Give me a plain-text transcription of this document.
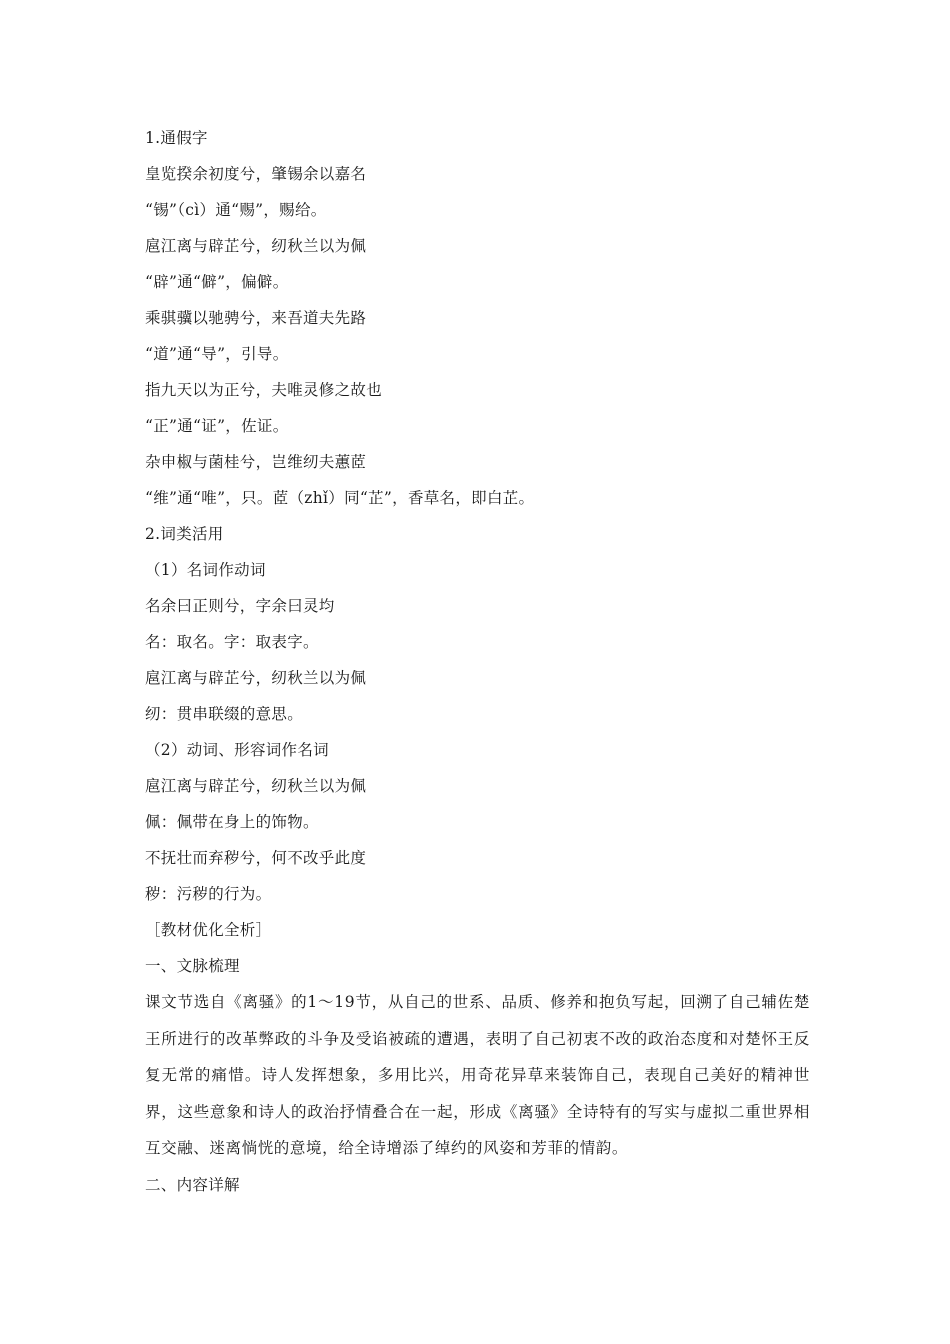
1.通假字
皇览揆余初度兮，肇锡余以嘉名
“锡”（cì）通“赐”，赐给。
扈江离与辟芷兮，纫秋兰以为佩
“辟”通“僻”，偏僻。
乘骐骥以驰骋兮，来吾道夫先路
“道”通“导”，引导。
指九天以为正兮，夫唯灵修之故也
“正”通“证”，佐证。
杂申椒与菌桂兮，岂维纫夫蕙茝
“维”通“唯”，只。茝（zhǐ）同“芷”，香草名，即白芷。
2.词类活用
（1）名词作动词
名余曰正则兮，字余曰灵均
名：取名。字：取表字。
扈江离与辟芷兮，纫秋兰以为佩
纫：贯串联缀的意思。
（2）动词、形容词作名词
扈江离与辟芷兮，纫秋兰以为佩
佩：佩带在身上的饰物。
不抚壮而弃秽兮，何不改乎此度
秽：污秽的行为。
［教材优化全析］
一、文脉梳理

课文节选自《离骚》的1～19节，从自己的世系、品质、修养和抱负写起，回溯了自己辅佐楚王所进行的改革弊政的斗争及受谄被疏的遭遇，表明了自己初衷不改的政治态度和对楚怀王反复无常的痛惜。诗人发挥想象，多用比兴，用奇花异草来装饰自己，表现自己美好的精神世界，这些意象和诗人的政治抒情叠合在一起，形成《离骚》全诗特有的写实与虚拟二重世界相互交融、迷离惝恍的意境，给全诗增添了绰约的风姿和芳菲的情韵。

二、内容详解
